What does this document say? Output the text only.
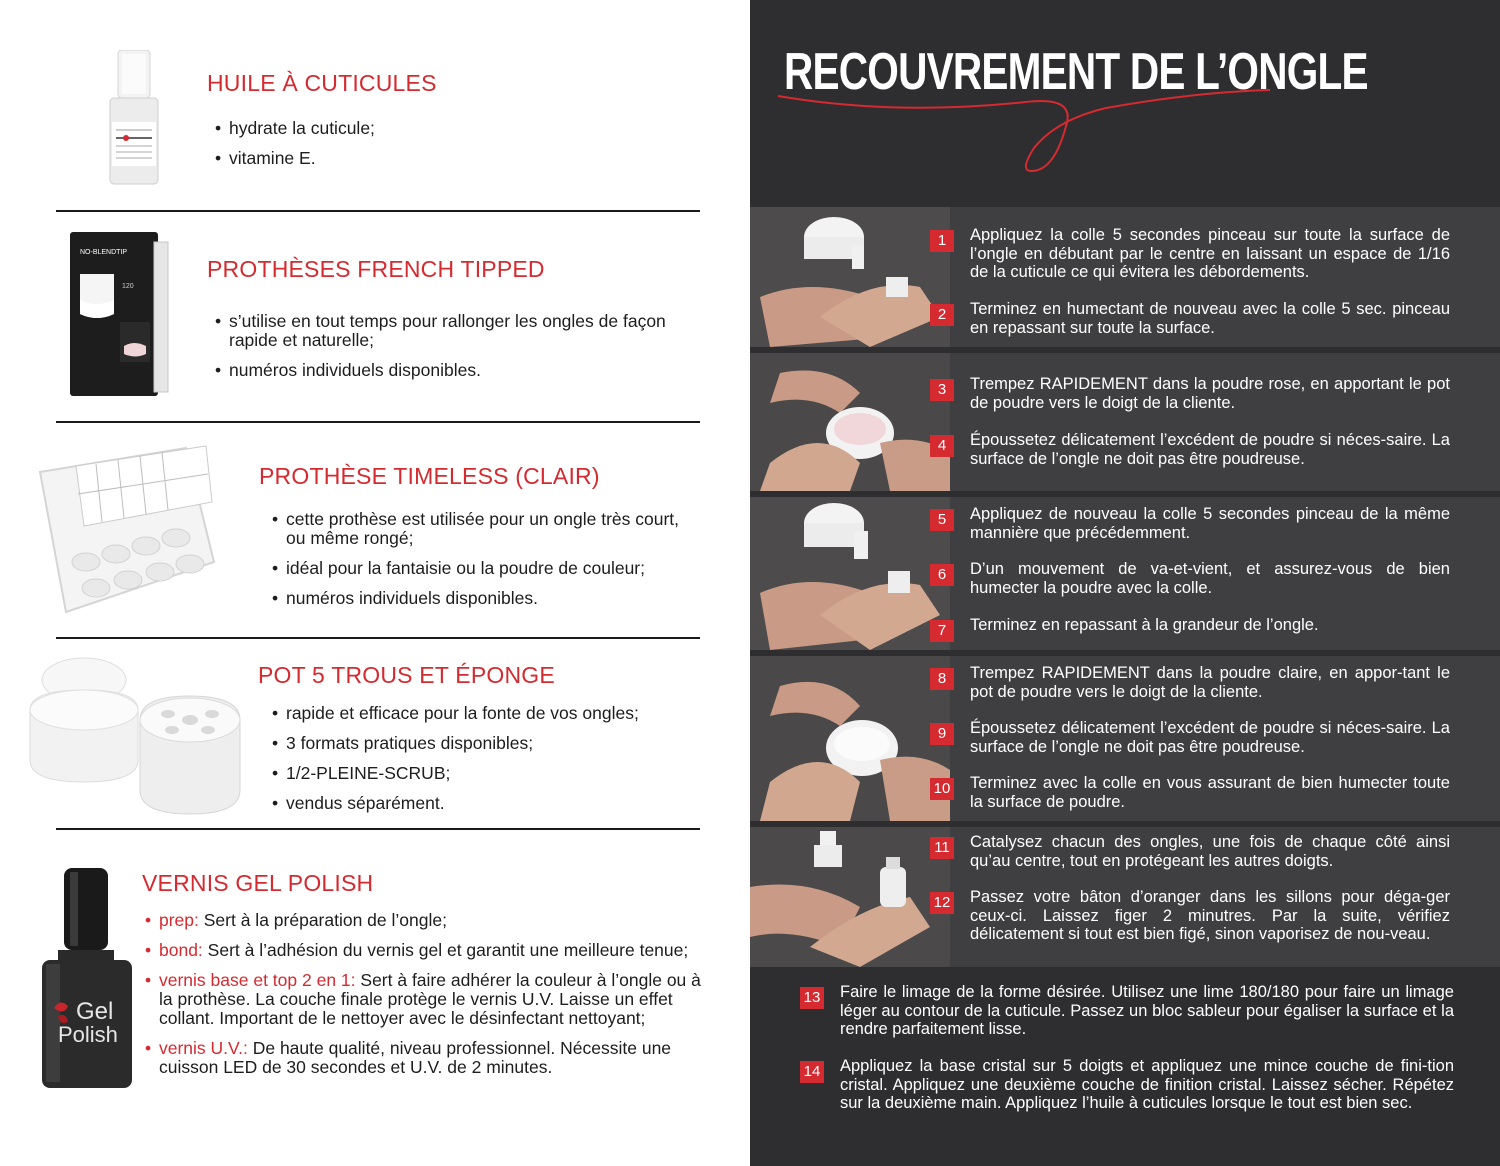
HUILE À CUTICULES
• hydrate la cuticule;
• vitamine E.
NO-BLENDTIP
120
PROTHÈSES FRENCH TIPPED
• s’utilise en tout temps pour rallonger les ongles de façon rapide et naturelle;
• numéros individuels disponibles.
PROTHÈSE TIMELESS (CLAIR)
• cette prothèse est utilisée pour un ongle très court, ou même rongé;
• idéal pour la fantaisie ou la poudre de couleur;
• numéros individuels disponibles.
POT 5 TROUS ET ÉPONGE
• rapide et efficace pour la fonte de vos ongles;
• 3 formats pratiques disponibles;
• 1/2-PLEINE-SCRUB;
• vendus séparément.
Gel
Polish
VERNIS GEL POLISH
• prep: Sert à la préparation de l’ongle;
• bond: Sert à l’adhésion du vernis gel et garantit une meilleure tenue;
• vernis base et top 2 en 1: Sert à faire adhérer la couleur à l’ongle ou à la prothèse. La couche finale protège le vernis U.V. Laisse un effet collant. Important de le nettoyer avec le désinfectant nettoyant;
• vernis U.V.: De haute qualité, niveau professionnel. Nécessite une cuisson LED de 30 secondes et U.V. de 2 minutes.
RECOUVREMENT DE L’ONGLE
1	Appliquez la colle 5 secondes pinceau sur toute la surface de l’ongle en débutant par le centre en laissant un espace de 1/16 de la cuticule ce qui évitera les débordements.
2	Terminez en humectant de nouveau avec la colle 5 sec. pinceau en repassant sur toute la surface.
3	Trempez RAPIDEMENT dans la poudre rose, en apportant le pot de poudre vers le doigt de la cliente.
4	Époussetez délicatement l’excédent de poudre si néces-saire. La surface de l’ongle ne doit pas être poudreuse.
5	Appliquez de nouveau la colle 5 secondes pinceau de la même mannière que précédemment.
6	D’un mouvement de va-et-vient, et assurez-vous de bien humecter la poudre avec la colle.
7	Terminez en repassant à la grandeur de l’ongle.
8	Trempez RAPIDEMENT dans la poudre claire, en appor-tant le pot de poudre vers le doigt de la cliente.
9	Époussetez délicatement l’excédent de poudre si néces-saire. La surface de l’ongle ne doit pas être poudreuse.
10 Terminez avec la colle en vous assurant de bien humecter toute la surface de poudre.
11 Catalysez chacun des ongles, une fois de chaque côté ainsi qu’au centre, tout en protégeant les autres doigts.
12 Passez votre bâton d’oranger dans les sillons pour déga-ger ceux-ci. Laissez figer 2 minutres. Par la suite, vérifiez délicatement si tout est bien figé, sinon vaporisez de nou-veau.
13 Faire le limage de la forme désirée. Utilisez une lime 180/180 pour faire un limage léger au contour de la cuticule. Passez un bloc sableur pour égaliser la surface et la rendre parfaitement lisse.
14 Appliquez la base cristal sur 5 doigts et appliquez une mince couche de fini-tion cristal. Appliquez une deuxième couche de finition cristal. Laissez sécher. Répétez sur la deuxième main. Appliquez l’huile à cuticules lorsque le tout est bien sec.
